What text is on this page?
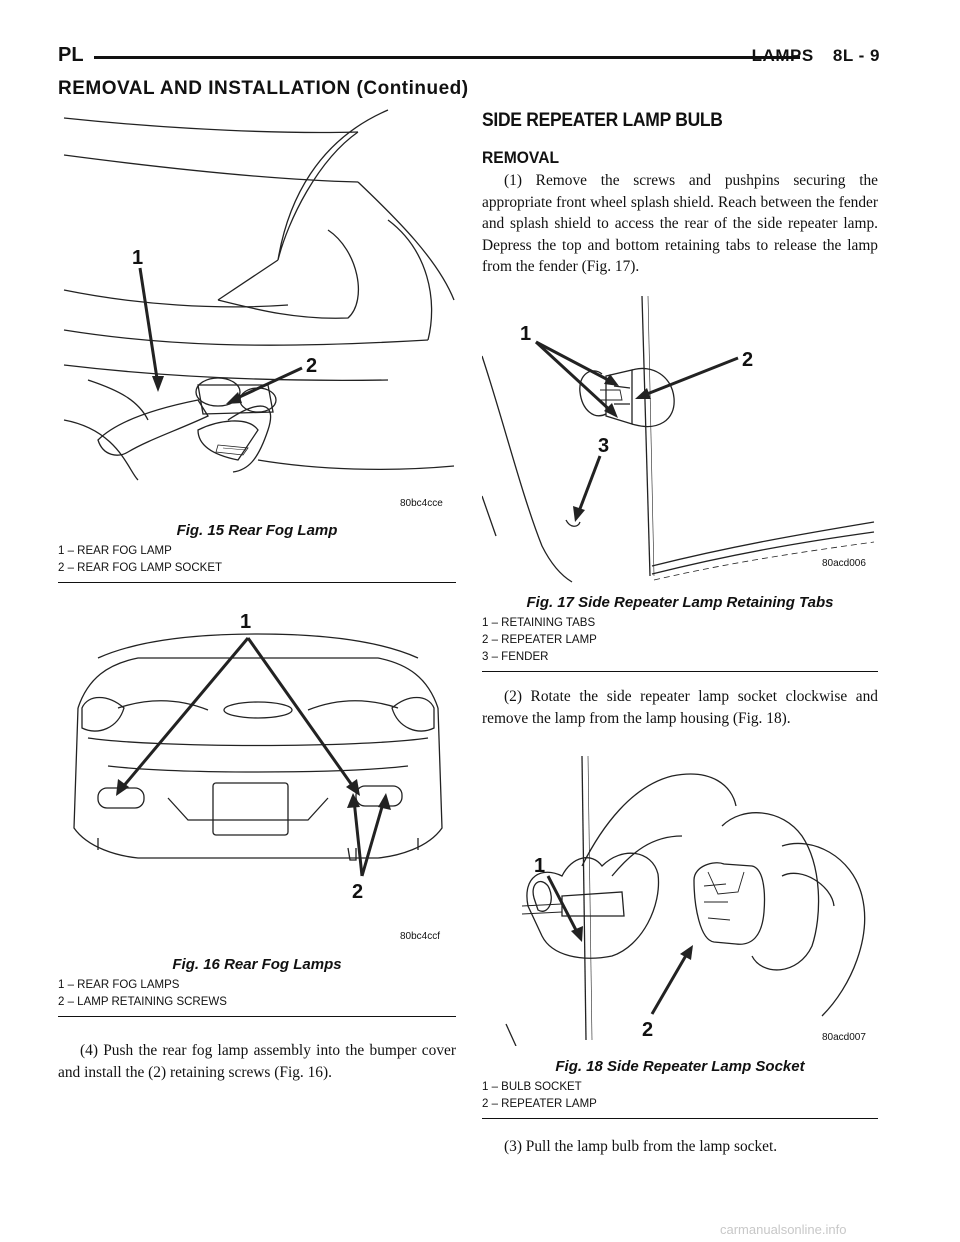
PL	LAMPS 8L - 9
REMOVAL AND INSTALLATION (Continued)
1
2
80bc4cce
Fig. 15 Rear Fog Lamp
1 – REAR FOG LAMP
2 – REAR FOG LAMP SOCKET
1
2
80bc4ccf
Fig. 16 Rear Fog Lamps
1 – REAR FOG LAMPS
2 – LAMP RETAINING SCREWS

(4) Push the rear fog lamp assembly into the bumper cover and install the (2) retaining screws (Fig. 16).

SIDE REPEATER LAMP BULB
REMOVAL

(1) Remove the screws and pushpins securing the appropriate front wheel splash shield. Reach between the fender and splash shield to access the rear of the side repeater lamp. Depress the top and bottom retaining tabs to release the lamp from the fender (Fig. 17).

1
2
3
80acd006
Fig. 17 Side Repeater Lamp Retaining Tabs
1 – RETAINING TABS
2 – REPEATER LAMP
3 – FENDER

(2) Rotate the side repeater lamp socket clockwise and remove the lamp from the lamp housing (Fig. 18).

1
2	80acd007
Fig. 18 Side Repeater Lamp Socket
1 – BULB SOCKET
2 – REPEATER LAMP

(3) Pull the lamp bulb from the lamp socket.

carmanualsonline.info
